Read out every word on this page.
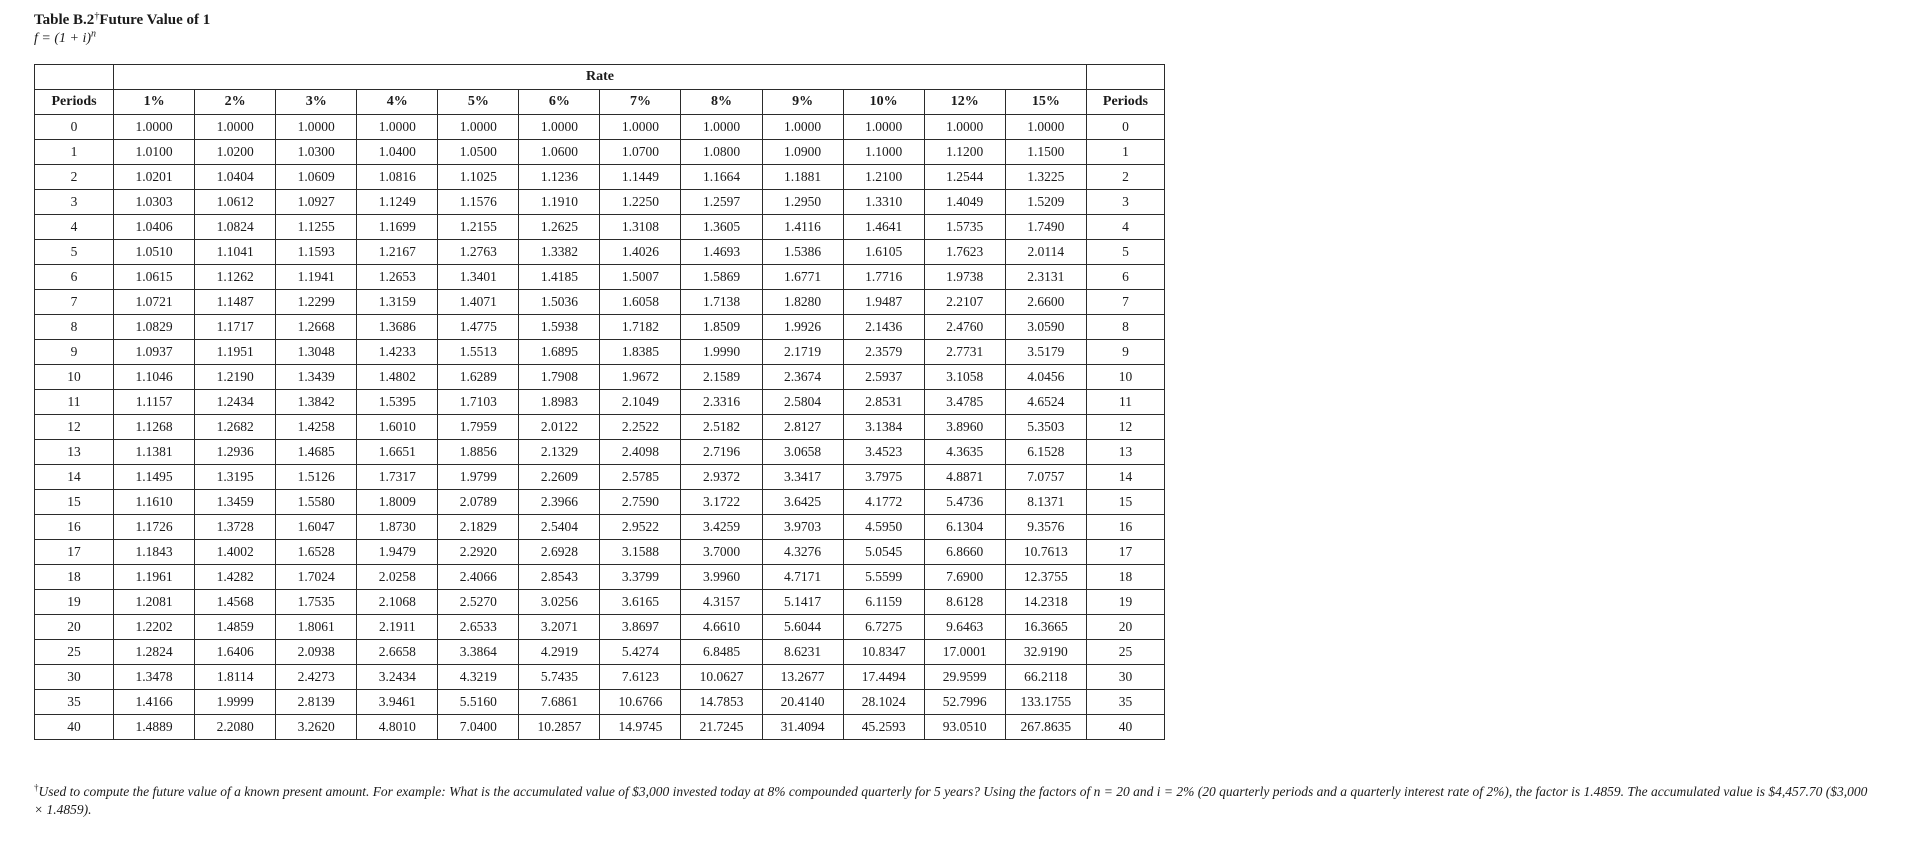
Table B.2†Future Value of 1
$f = (1 + i)^n$
	Rate												
Periods	1%	2%	3%	4%	5%	6%	7%	8%	9%	10%	12%	15%	Periods
0	1.0000	1.0000	1.0000	1.0000	1.0000	1.0000	1.0000	1.0000	1.0000	1.0000	1.0000	1.0000	0
1	1.0100	1.0200	1.0300	1.0400	1.0500	1.0600	1.0700	1.0800	1.0900	1.1000	1.1200	1.1500	1
2	1.0201	1.0404	1.0609	1.0816	1.1025	1.1236	1.1449	1.1664	1.1881	1.2100	1.2544	1.3225	2
3	1.0303	1.0612	1.0927	1.1249	1.1576	1.1910	1.2250	1.2597	1.2950	1.3310	1.4049	1.5209	3
4	1.0406	1.0824	1.1255	1.1699	1.2155	1.2625	1.3108	1.3605	1.4116	1.4641	1.5735	1.7490	4
5	1.0510	1.1041	1.1593	1.2167	1.2763	1.3382	1.4026	1.4693	1.5386	1.6105	1.7623	2.0114	5
6	1.0615	1.1262	1.1941	1.2653	1.3401	1.4185	1.5007	1.5869	1.6771	1.7716	1.9738	2.3131	6
7	1.0721	1.1487	1.2299	1.3159	1.4071	1.5036	1.6058	1.7138	1.8280	1.9487	2.2107	2.6600	7
8	1.0829	1.1717	1.2668	1.3686	1.4775	1.5938	1.7182	1.8509	1.9926	2.1436	2.4760	3.0590	8
9	1.0937	1.1951	1.3048	1.4233	1.5513	1.6895	1.8385	1.9990	2.1719	2.3579	2.7731	3.5179	9
10	1.1046	1.2190	1.3439	1.4802	1.6289	1.7908	1.9672	2.1589	2.3674	2.5937	3.1058	4.0456	10
11	1.1157	1.2434	1.3842	1.5395	1.7103	1.8983	2.1049	2.3316	2.5804	2.8531	3.4785	4.6524	11
12	1.1268	1.2682	1.4258	1.6010	1.7959	2.0122	2.2522	2.5182	2.8127	3.1384	3.8960	5.3503	12
13	1.1381	1.2936	1.4685	1.6651	1.8856	2.1329	2.4098	2.7196	3.0658	3.4523	4.3635	6.1528	13
14	1.1495	1.3195	1.5126	1.7317	1.9799	2.2609	2.5785	2.9372	3.3417	3.7975	4.8871	7.0757	14
15	1.1610	1.3459	1.5580	1.8009	2.0789	2.3966	2.7590	3.1722	3.6425	4.1772	5.4736	8.1371	15
16	1.1726	1.3728	1.6047	1.8730	2.1829	2.5404	2.9522	3.4259	3.9703	4.5950	6.1304	9.3576	16
17	1.1843	1.4002	1.6528	1.9479	2.2920	2.6928	3.1588	3.7000	4.3276	5.0545	6.8660	10.7613	17
18	1.1961	1.4282	1.7024	2.0258	2.4066	2.8543	3.3799	3.9960	4.7171	5.5599	7.6900	12.3755	18
19	1.2081	1.4568	1.7535	2.1068	2.5270	3.0256	3.6165	4.3157	5.1417	6.1159	8.6128	14.2318	19
20	1.2202	1.4859	1.8061	2.1911	2.6533	3.2071	3.8697	4.6610	5.6044	6.7275	9.6463	16.3665	20
25	1.2824	1.6406	2.0938	2.6658	3.3864	4.2919	5.4274	6.8485	8.6231	10.8347	17.0001	32.9190	25
30	1.3478	1.8114	2.4273	3.2434	4.3219	5.7435	7.6123	10.0627	13.2677	17.4494	29.9599	66.2118	30
35	1.4166	1.9999	2.8139	3.9461	5.5160	7.6861	10.6766	14.7853	20.4140	28.1024	52.7996	133.1755	35
40	1.4889	2.2080	3.2620	4.8010	7.0400	10.2857	14.9745	21.7245	31.4094	45.2593	93.0510	267.8635	40
†Used to compute the future value of a known present amount. For example: What is the accumulated value of $3,000 invested today at 8% compounded quarterly for 5 years? Using the factors of n = 20 and i = 2% (20 quarterly periods and a quarterly interest rate of 2%), the factor is 1.4859. The accumulated value is $4,457.70 ($3,000 × 1.4859).
